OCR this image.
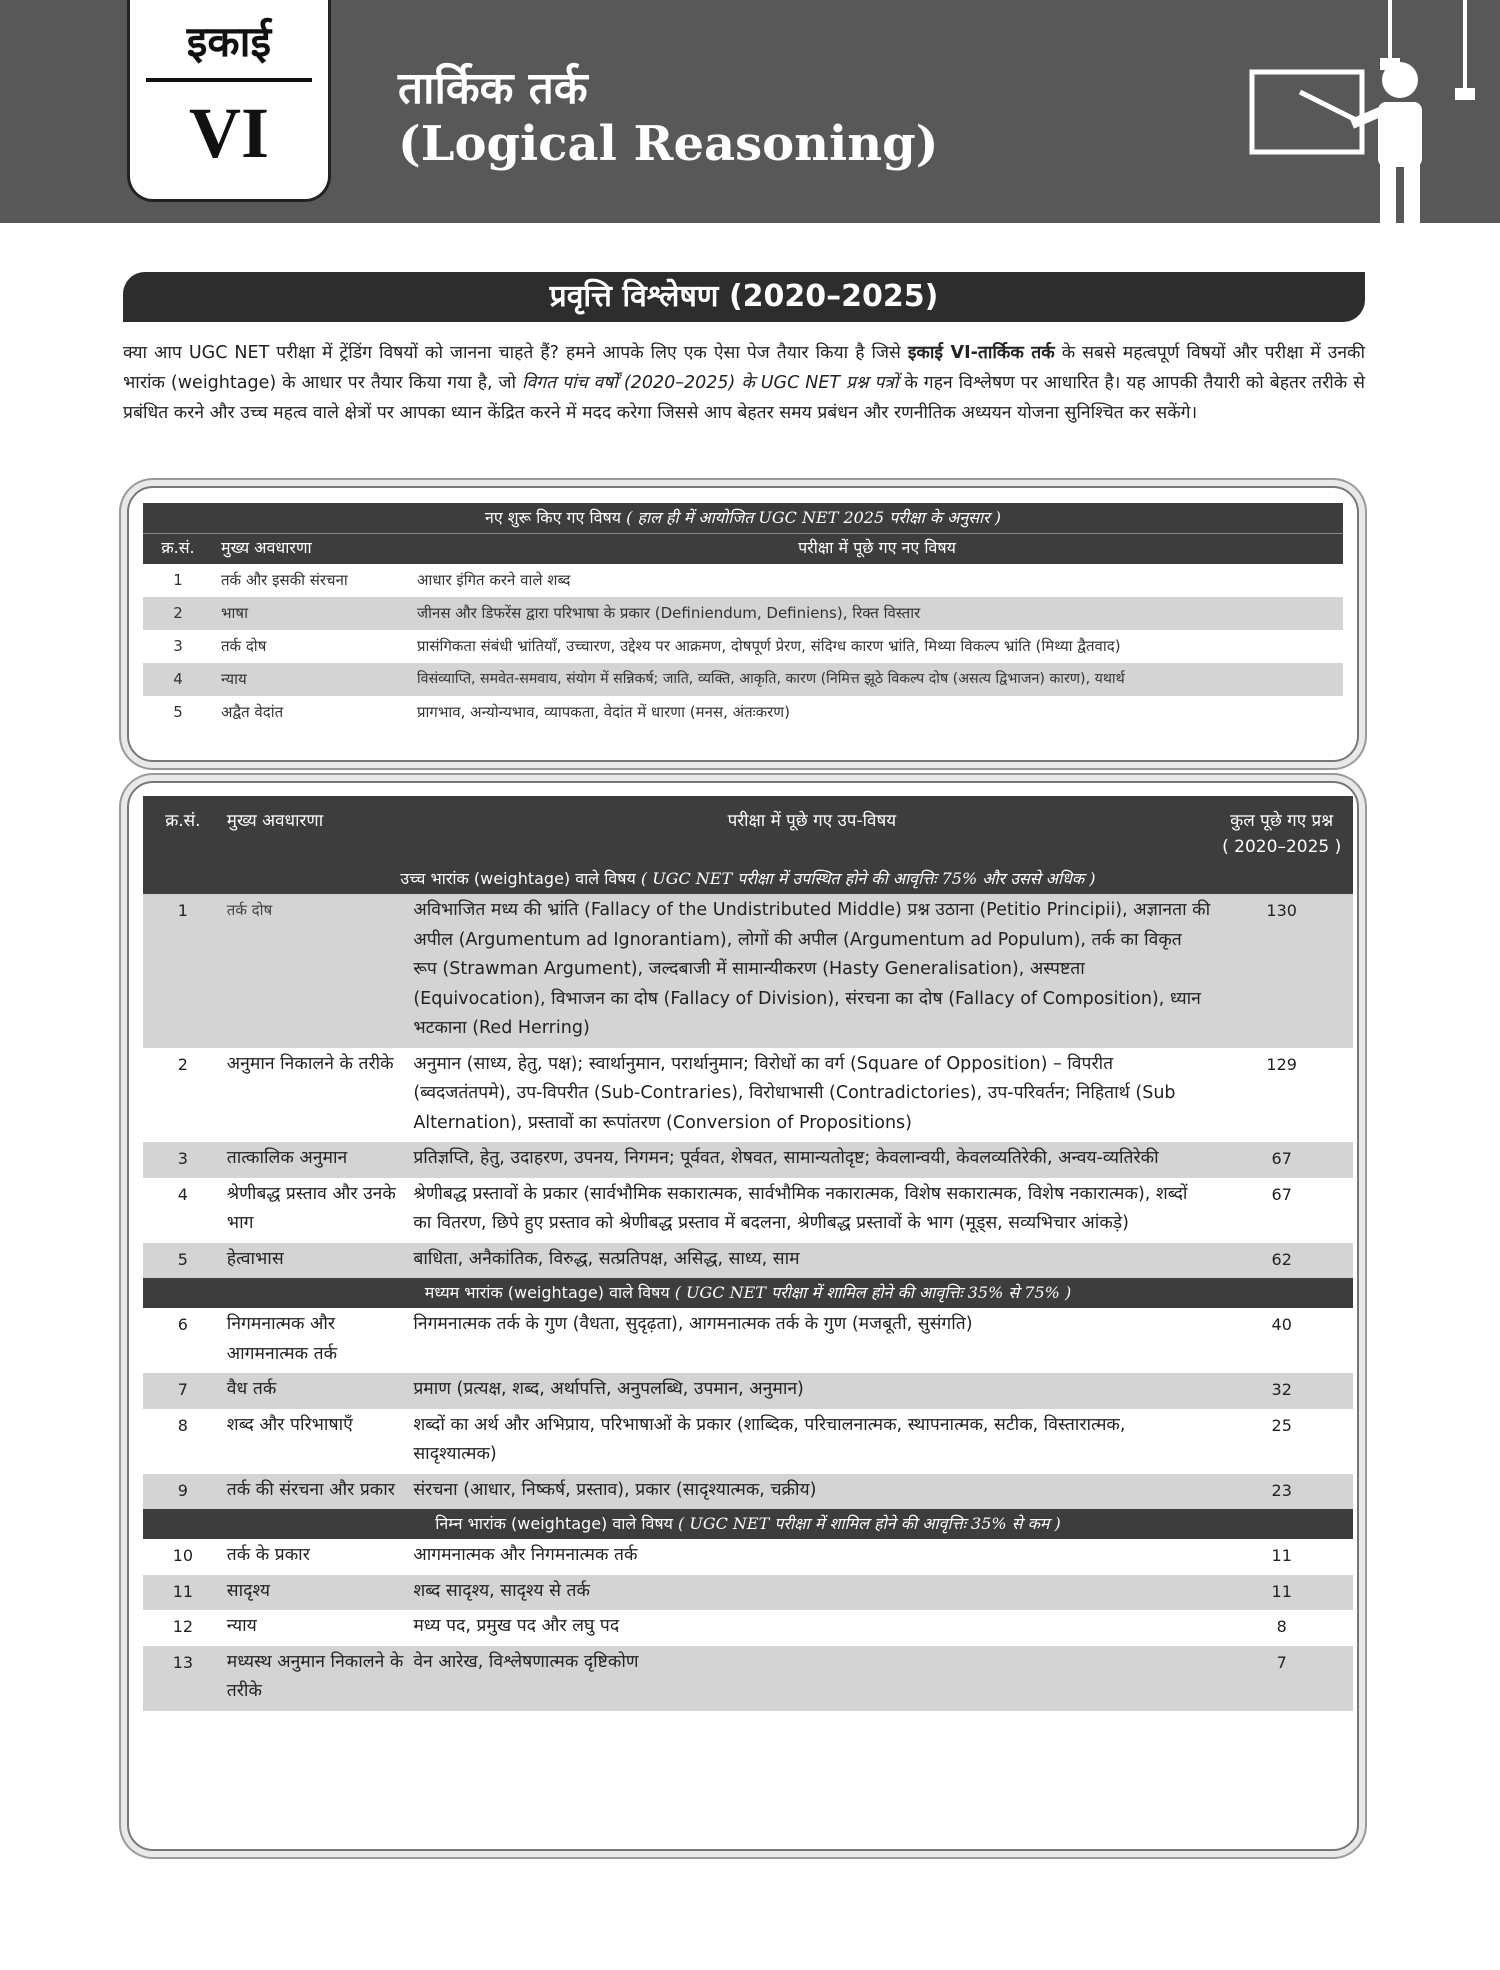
इकाई
VI
तार्किक तर्क
(Logical Reasoning)
प्रवृत्ति विश्लेषण (2020–2025)
क्या आप UGC NET परीक्षा में ट्रेंडिंग विषयों को जानना चाहते हैं? हमने आपके लिए एक ऐसा पेज तैयार किया है जिसे इकाई VI-तार्किक तर्क के सबसे महत्वपूर्ण विषयों और परीक्षा में उनकी भारांक (weightage) के आधार पर तैयार किया गया है, जो विगत पांच वर्षों (2020–2025) के UGC NET प्रश्न पत्रों के गहन विश्लेषण पर आधारित है। यह आपकी तैयारी को बेहतर तरीके से प्रबंधित करने और उच्च महत्व वाले क्षेत्रों पर आपका ध्यान केंद्रित करने में मदद करेगा जिससे आप बेहतर समय प्रबंधन और रणनीतिक अध्ययन योजना सुनिश्चित कर सकेंगे।
नए शुरू किए गए विषय ( हाल ही में आयोजित UGC NET 2025 परीक्षा के अनुसार )		
क्र.सं.	मुख्य अवधारणा	परीक्षा में पूछे गए नए विषय
1	तर्क और इसकी संरचना	आधार इंगित करने वाले शब्द
2	भाषा	जीनस और डिफरेंस द्वारा परिभाषा के प्रकार (Definiendum, Definiens), रिक्त विस्तार
3	तर्क दोष	प्रासंगिकता संबंधी भ्रांतियाँ, उच्चारण, उद्देश्य पर आक्रमण, दोषपूर्ण प्रेरण, संदिग्ध कारण भ्रांति, मिथ्या विकल्प भ्रांति (मिथ्या द्वैतवाद)
4	न्याय	विसंव्याप्ति, समवेत-समवाय, संयोग में सन्निकर्ष; जाति, व्यक्ति, आकृति, कारण (निमित्त झूठे विकल्प दोष (असत्य द्विभाजन) कारण), यथार्थ
5	अद्वैत वेदांत	प्रागभाव, अन्योन्यभाव, व्यापकता, वेदांत में धारणा (मनस, अंतःकरण)
क्र.सं.	मुख्य अवधारणा	परीक्षा में पूछे गए उप-विषय	कुल पूछे गए प्रश्न
( 2020–2025 )

उच्च भारांक (weightage) वाले विषय ( UGC NET परीक्षा में उपस्थित होने की आवृत्तिः 75% और उससे अधिक )			
1	तर्क दोष	अविभाजित मध्य की भ्रांति (Fallacy of the Undistributed Middle) प्रश्न उठाना (Petitio Principii), अज्ञानता की अपील (Argumentum ad Ignorantiam), लोगों की अपील (Argumentum ad Populum), तर्क का विकृत रूप (Strawman Argument), जल्दबाजी में सामान्यीकरण (Hasty Generalisation), अस्पष्टता (Equivocation), विभाजन का दोष (Fallacy of Division), संरचना का दोष (Fallacy of Composition), ध्यान भटकाना (Red Herring)	130
2	अनुमान निकालने के तरीके	अनुमान (साध्य, हेतु, पक्ष); स्वार्थानुमान, परार्थानुमान; विरोधों का वर्ग (Square of Opposition) – विपरीत (ब्वदजतंतपमे), उप-विपरीत (Sub-Contraries), विरोधाभासी (Contradictories), उप-परिवर्तन; निहितार्थ (Sub Alternation), प्रस्तावों का रूपांतरण (Conversion of Propositions)	129
3	तात्कालिक अनुमान	प्रतिज्ञप्ति, हेतु, उदाहरण, उपनय, निगमन; पूर्ववत, शेषवत, सामान्यतोदृष्ट; केवलान्वयी, केवलव्यतिरेकी, अन्वय-व्यतिरेकी	67
4	श्रेणीबद्ध प्रस्ताव और उनके भाग	श्रेणीबद्ध प्रस्तावों के प्रकार (सार्वभौमिक सकारात्मक, सार्वभौमिक नकारात्मक, विशेष सकारात्मक, विशेष नकारात्मक), शब्दों का वितरण, छिपे हुए प्रस्ताव को श्रेणीबद्ध प्रस्ताव में बदलना, श्रेणीबद्ध प्रस्तावों के भाग (मूड्स, सव्यभिचार आंकड़े)	67
5	हेत्वाभास	बाधिता, अनैकांतिक, विरुद्ध, सत्प्रतिपक्ष, असिद्ध, साध्य, साम	62
मध्यम भारांक (weightage) वाले विषय ( UGC NET परीक्षा में शामिल होने की आवृत्तिः 35% से 75% )			
6	निगमनात्मक और आगमनात्मक तर्क	निगमनात्मक तर्क के गुण (वैधता, सुदृढ़ता), आगमनात्मक तर्क के गुण (मजबूती, सुसंगति)	40
7	वैध तर्क	प्रमाण (प्रत्यक्ष, शब्द, अर्थापत्ति, अनुपलब्धि, उपमान, अनुमान)	32
8	शब्द और परिभाषाएँ	शब्दों का अर्थ और अभिप्राय, परिभाषाओं के प्रकार (शाब्दिक, परिचालनात्मक, स्थापनात्मक, सटीक, विस्तारात्मक, सादृश्यात्मक)	25
9	तर्क की संरचना और प्रकार	संरचना (आधार, निष्कर्ष, प्रस्ताव), प्रकार (सादृश्यात्मक, चक्रीय)	23
निम्न भारांक (weightage) वाले विषय ( UGC NET परीक्षा में शामिल होने की आवृत्तिः 35% से कम )			
10	तर्क के प्रकार	आगमनात्मक और निगमनात्मक तर्क	11
11	सादृश्य	शब्द सादृश्य, सादृश्य से तर्क	11
12	न्याय	मध्य पद, प्रमुख पद और लघु पद	8
13	मध्यस्थ अनुमान निकालने के तरीके	वेन आरेख, विश्लेषणात्मक दृष्टिकोण	7
